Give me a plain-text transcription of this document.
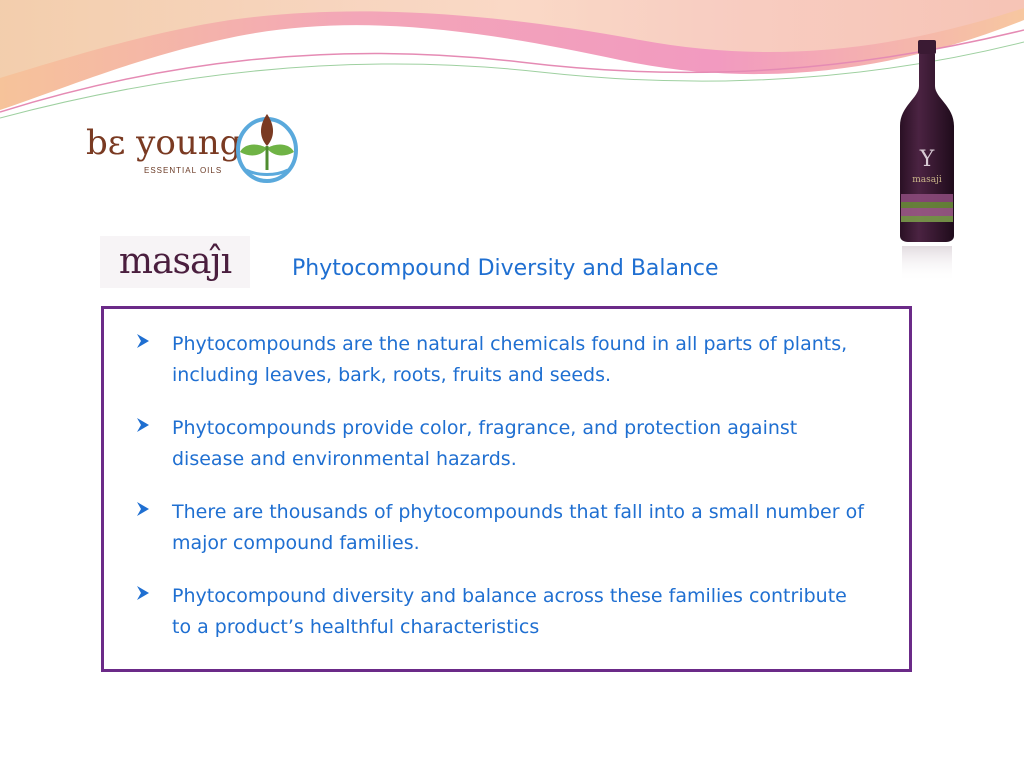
bɛ young
ESSENTIAL OILS
masaĵı	Phytocompound Diversity and Balance
Y
masaji
Phytocompounds are the natural chemicals found in all parts of plants, including leaves, bark, roots, fruits and seeds.
Phytocompounds provide color, fragrance, and protection against disease and environmental hazards.
There are thousands of phytocompounds that fall into a small number of major compound families.
Phytocompound diversity and balance across these families contribute to a product’s healthful characteristics
